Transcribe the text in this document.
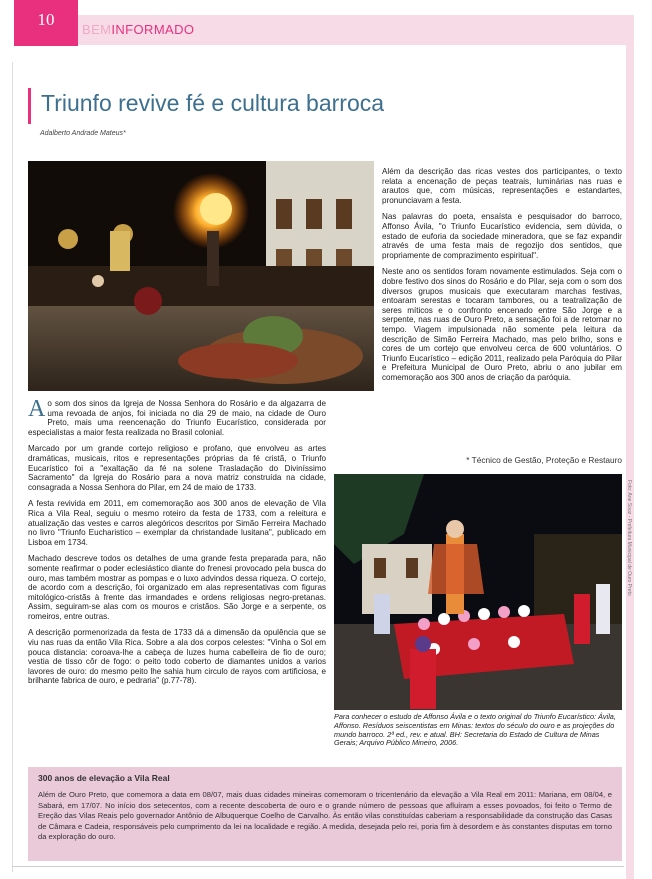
10
BEMINFORMADO
Triunfo revive fé e cultura barroca
Adalberto Andrade Mateus*

Além da descrição das ricas vestes dos participantes, o texto relata a encenação de peças teatrais, luminárias nas ruas e arautos que, com músicas, representações e estandartes, pronunciavam a festa.

Nas palavras do poeta, ensaísta e pesquisador do barroco, Affonso Ávila, "o Triunfo Eucarístico evidencia, sem dúvida, o estado de euforia da sociedade mineradora, que se faz expandir através de uma festa mais de regozijo dos sentidos, que propriamente de comprazimento espiritual".

Neste ano os sentidos foram novamente estimulados. Seja com o dobre festivo dos sinos do Rosário e do Pilar, seja com o som dos diversos grupos musicais que executaram marchas festivas, entoaram serestas e tocaram tambores, ou a teatralização de seres míticos e o confronto encenado entre São Jorge e a serpente, nas ruas de Ouro Preto, a sensação foi a de retornar no tempo. Viagem impulsionada não somente pela leitura da descrição de Simão Ferreira Machado, mas pelo brilho, sons e cores de um cortejo que envolveu cerca de 600 voluntários. O Triunfo Eucarístico – edição 2011, realizado pela Paróquia do Pilar e Prefeitura Municipal de Ouro Preto, abriu o ano jubilar em comemoração aos 300 anos de criação da paróquia.

* Técnico de Gestão, Proteção e Restauro

Ao som dos sinos da Igreja de Nossa Senhora do Rosário e da algazarra de uma revoada de anjos, foi iniciada no dia 29 de maio, na cidade de Ouro Preto, mais uma reencenação do Triunfo Eucarístico, considerada por especialistas a maior festa realizada no Brasil colonial.

Marcado por um grande cortejo religioso e profano, que envolveu as artes dramáticas, musicais, ritos e representações próprias da fé cristã, o Triunfo Eucarístico foi a "exaltação da fé na solene Trasladação do Diviníssimo Sacramento" da Igreja do Rosário para a nova matriz construída na cidade, consagrada a Nossa Senhora do Pilar, em 24 de maio de 1733.

A festa revivida em 2011, em comemoração aos 300 anos de elevação de Vila Rica a Vila Real, seguiu o mesmo roteiro da festa de 1733, com a releitura e atualização das vestes e carros alegóricos descritos por Simão Ferreira Machado no livro "Triunfo Eucharistico – exemplar da christandade lusitana", publicado em Lisboa em 1734.

Machado descreve todos os detalhes de uma grande festa preparada para, não somente reafirmar o poder eclesiástico diante do frenesi provocado pela busca do ouro, mas também mostrar as pompas e o luxo advindos dessa riqueza. O cortejo, de acordo com a descrição, foi organizado em alas representativas com figuras mitológico-cristãs à frente das irmandades e ordens religiosas negro-pretanas. Assim, seguiram-se alas com os mouros e cristãos. São Jorge e a serpente, os romeiros, entre outras.

A descrição pormenorizada da festa de 1733 dá a dimensão da opulência que se viu nas ruas da então Vila Rica. Sobre a ala dos corpos celestes: "Vinha o Sol em pouca distancia: coroava-lhe a cabeça de luzes huma cabelleira de fio de ouro; vestia de tisso côr de fogo: o peito todo coberto de diamantes unidos a varios lavores de ouro: do mesmo peito lhe sahia hum circulo de rayos com artificiosa, e brilhante fabrica de ouro, e pedraria" (p.77-78).

Foto: Ane Souz - Prefeitura Municipal de Ouro Preto
Para conhecer o estudo de Affonso Ávila e o texto original do Triunfo Eucarístico: Ávila, Affonso. Resíduos seiscentistas em Minas: textos do século do ouro e as projeções do mundo barroco. 2ª ed., rev. e atual. BH: Secretaria do Estado de Cultura de Minas Gerais; Arquivo Público Mineiro, 2006.
300 anos de elevação a Vila Real
Além de Ouro Preto, que comemora a data em 08/07, mais duas cidades mineiras comemoram o tricentenário da elevação a Vila Real em 2011: Mariana, em 08/04, e Sabará, em 17/07. No início dos setecentos, com a recente descoberta de ouro e o grande número de pessoas que afluíram a esses povoados, foi feito o Termo de Ereção das Vilas Reais pelo governador Antônio de Albuquerque Coelho de Carvalho. Às então vilas constituídas caberiam a responsabilidade da construção das Casas de Câmara e Cadeia, responsáveis pelo cumprimento da lei na localidade e região. A medida, desejada pelo rei, poria fim à desordem e às constantes disputas em torno da exploração do ouro.
